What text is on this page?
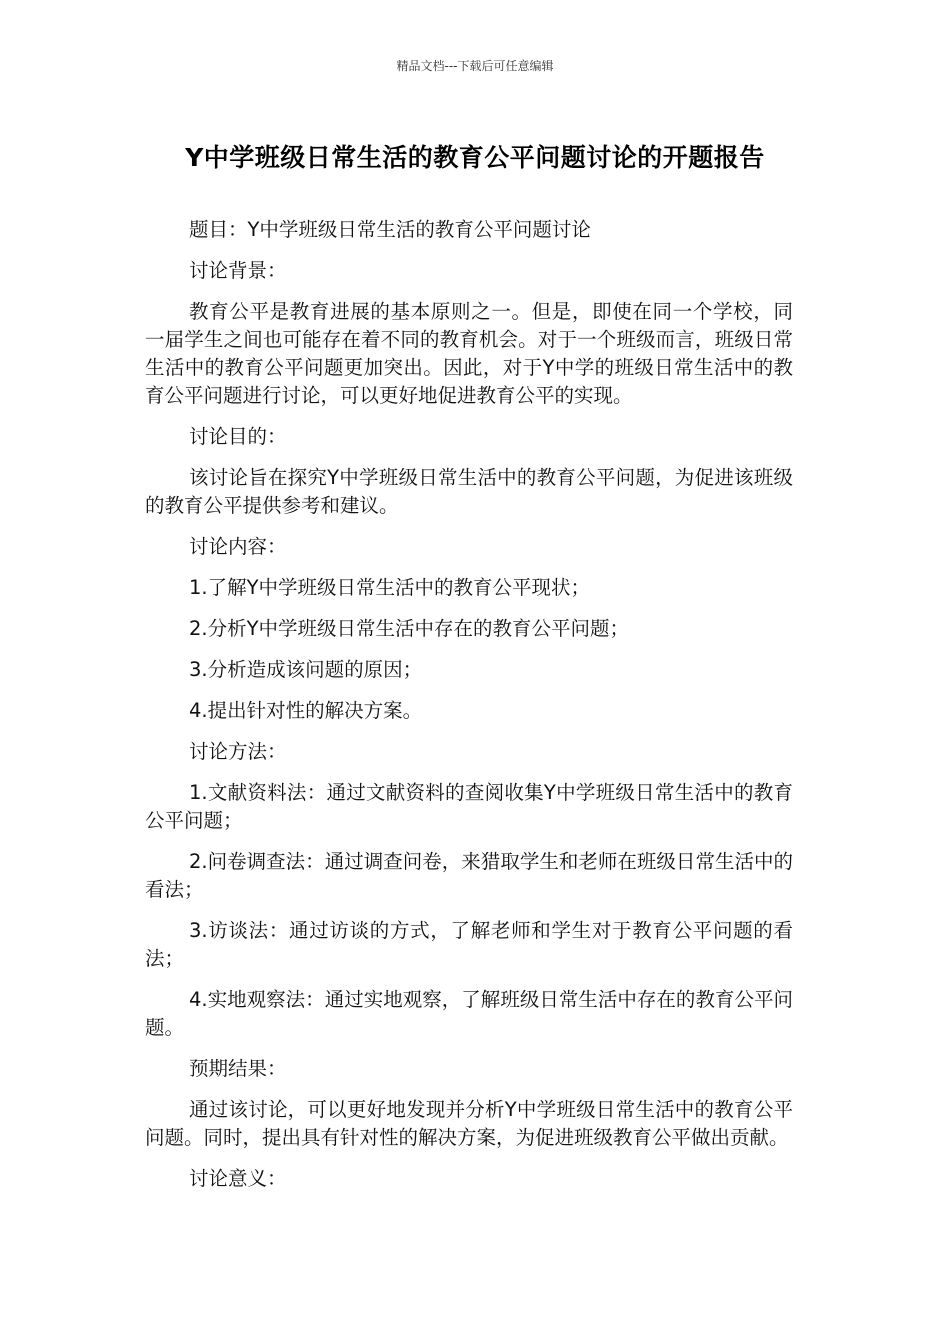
精品文档---下载后可任意编辑
Y中学班级日常生活的教育公平问题讨论的开题报告

题目：Y中学班级日常生活的教育公平问题讨论

讨论背景：

教育公平是教育进展的基本原则之一。但是，即使在同一个学校，同一届学生之间也可能存在着不同的教育机会。对于一个班级而言，班级日常生活中的教育公平问题更加突出。因此，对于Y中学的班级日常生活中的教育公平问题进行讨论，可以更好地促进教育公平的实现。

讨论目的：

该讨论旨在探究Y中学班级日常生活中的教育公平问题，为促进该班级的教育公平提供参考和建议。

讨论内容：

1.了解Y中学班级日常生活中的教育公平现状；

2.分析Y中学班级日常生活中存在的教育公平问题；

3.分析造成该问题的原因；

4.提出针对性的解决方案。

讨论方法：

1.文献资料法：通过文献资料的查阅收集Y中学班级日常生活中的教育公平问题；

2.问卷调查法：通过调查问卷，来猎取学生和老师在班级日常生活中的看法；

3.访谈法：通过访谈的方式，了解老师和学生对于教育公平问题的看法；

4.实地观察法：通过实地观察，了解班级日常生活中存在的教育公平问题。

预期结果：

通过该讨论，可以更好地发现并分析Y中学班级日常生活中的教育公平问题。同时，提出具有针对性的解决方案，为促进班级教育公平做出贡献。

讨论意义：
